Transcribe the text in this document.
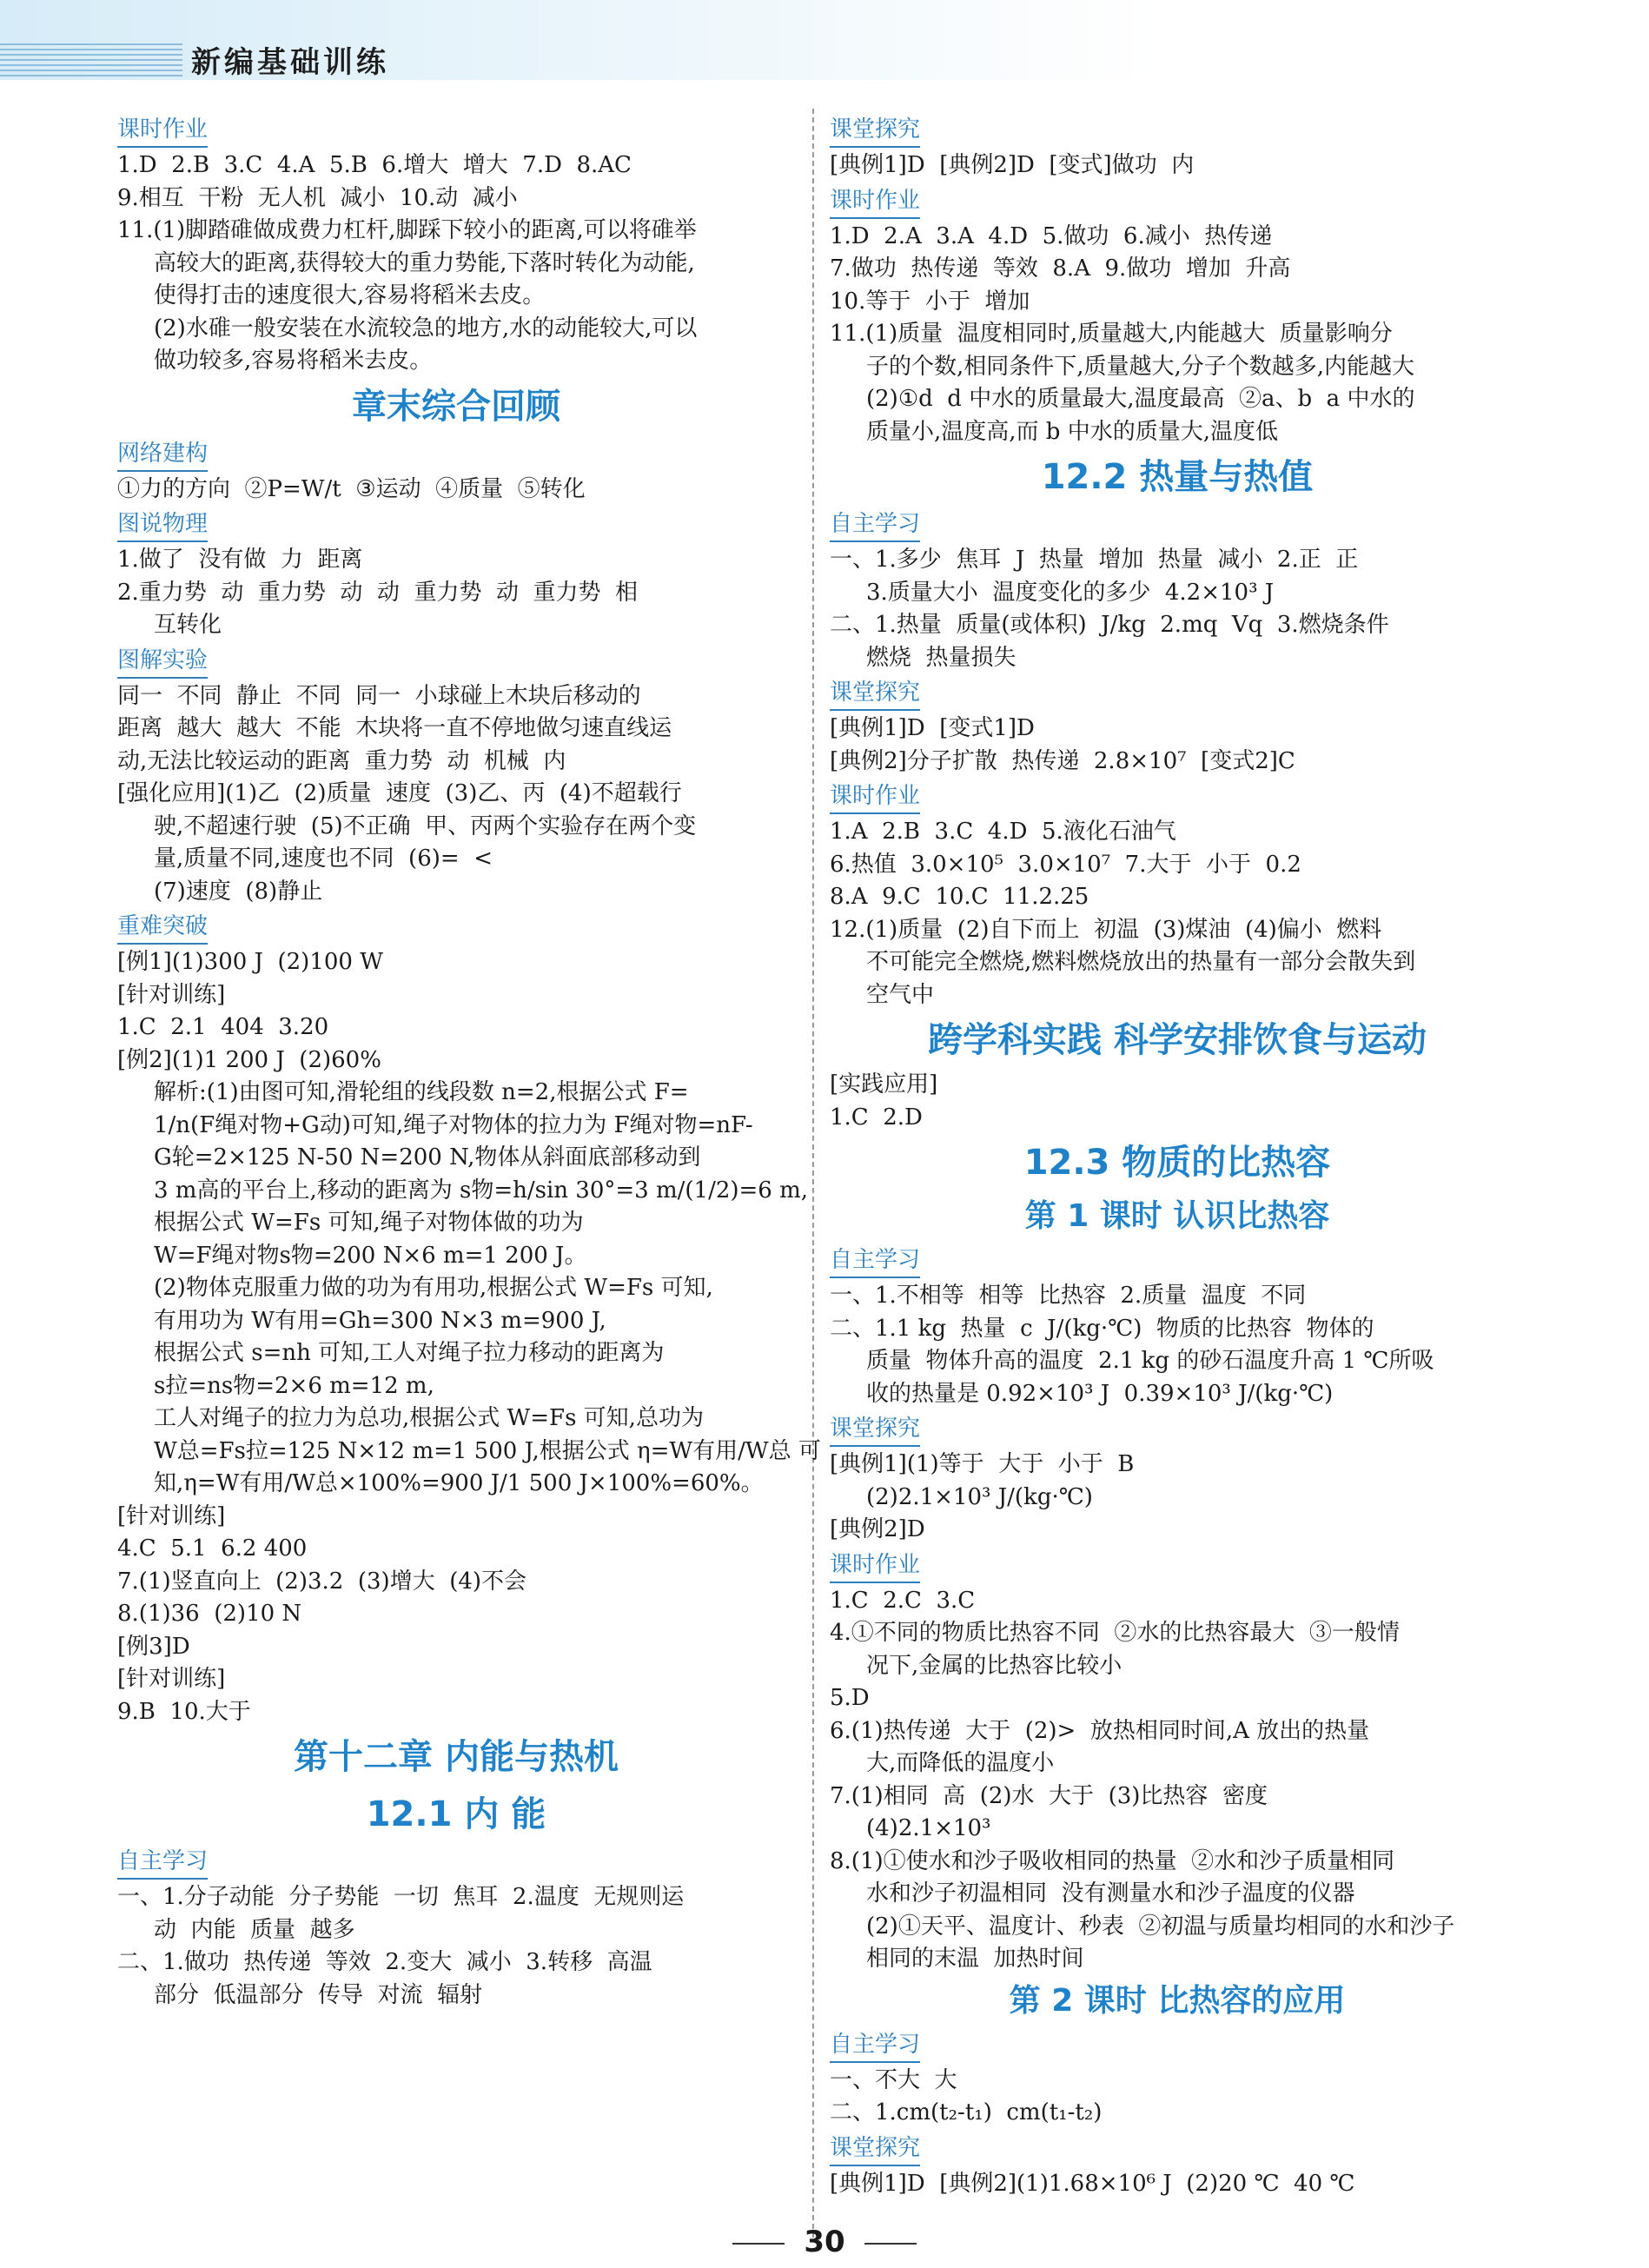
新编基础训练
课时作业
1.D  2.B  3.C  4.A  5.B  6.增大  增大  7.D  8.AC
9.相互  干粉  无人机  减小  10.动  减小
11.(1)脚踏碓做成费力杠杆,脚踩下较小的距离,可以将碓举
高较大的距离,获得较大的重力势能,下落时转化为动能,
使得打击的速度很大,容易将稻米去皮。
(2)水碓一般安装在水流较急的地方,水的动能较大,可以
做功较多,容易将稻米去皮。
章末综合回顾
网络建构
①力的方向  ②P=W/t  ③运动  ④质量  ⑤转化
图说物理
1.做了  没有做  力  距离
2.重力势  动  重力势  动  动  重力势  动  重力势  相
互转化
图解实验
同一  不同  静止  不同  同一  小球碰上木块后移动的
距离  越大  越大  不能  木块将一直不停地做匀速直线运
动,无法比较运动的距离  重力势  动  机械  内
[强化应用](1)乙  (2)质量  速度  (3)乙、丙  (4)不超载行
驶,不超速行驶  (5)不正确  甲、丙两个实验存在两个变
量,质量不同,速度也不同  (6)=  <
(7)速度  (8)静止
重难突破
[例1](1)300 J  (2)100 W
[针对训练]
1.C  2.1  404  3.20
[例2](1)1 200 J  (2)60%
解析:(1)由图可知,滑轮组的线段数 n=2,根据公式 F=
1/n(F绳对物+G动)可知,绳子对物体的拉力为 F绳对物=nF-
G轮=2×125 N-50 N=200 N,物体从斜面底部移动到
3 m高的平台上,移动的距离为 s物=h/sin 30°=3 m/(1/2)=6 m,
根据公式 W=Fs 可知,绳子对物体做的功为
W=F绳对物s物=200 N×6 m=1 200 J。
(2)物体克服重力做的功为有用功,根据公式 W=Fs 可知,
有用功为 W有用=Gh=300 N×3 m=900 J,
根据公式 s=nh 可知,工人对绳子拉力移动的距离为
s拉=ns物=2×6 m=12 m,
工人对绳子的拉力为总功,根据公式 W=Fs 可知,总功为
W总=Fs拉=125 N×12 m=1 500 J,根据公式 η=W有用/W总 可
知,η=W有用/W总×100%=900 J/1 500 J×100%=60%。
[针对训练]
4.C  5.1  6.2 400
7.(1)竖直向上  (2)3.2  (3)增大  (4)不会
8.(1)36  (2)10 N
[例3]D
[针对训练]
9.B  10.大于
第十二章 内能与热机
12.1 内 能
自主学习
一、1.分子动能  分子势能  一切  焦耳  2.温度  无规则运
动  内能  质量  越多
二、1.做功  热传递  等效  2.变大  减小  3.转移  高温
部分  低温部分  传导  对流  辐射
课堂探究
[典例1]D  [典例2]D  [变式]做功  内
课时作业
1.D  2.A  3.A  4.D  5.做功  6.减小  热传递
7.做功  热传递  等效  8.A  9.做功  增加  升高
10.等于  小于  增加
11.(1)质量  温度相同时,质量越大,内能越大  质量影响分
子的个数,相同条件下,质量越大,分子个数越多,内能越大
(2)①d  d 中水的质量最大,温度最高  ②a、b  a 中水的
质量小,温度高,而 b 中水的质量大,温度低
12.2 热量与热值
自主学习
一、1.多少  焦耳  J  热量  增加  热量  减小  2.正  正
3.质量大小  温度变化的多少  4.2×10³ J
二、1.热量  质量(或体积)  J/kg  2.mq  Vq  3.燃烧条件
燃烧  热量损失
课堂探究
[典例1]D  [变式1]D
[典例2]分子扩散  热传递  2.8×10⁷  [变式2]C
课时作业
1.A  2.B  3.C  4.D  5.液化石油气
6.热值  3.0×10⁵  3.0×10⁷  7.大于  小于  0.2
8.A  9.C  10.C  11.2.25
12.(1)质量  (2)自下而上  初温  (3)煤油  (4)偏小  燃料
不可能完全燃烧,燃料燃烧放出的热量有一部分会散失到
空气中
跨学科实践 科学安排饮食与运动
[实践应用]
1.C  2.D
12.3 物质的比热容
第 1 课时 认识比热容
自主学习
一、1.不相等  相等  比热容  2.质量  温度  不同
二、1.1 kg  热量  c  J/(kg·℃)  物质的比热容  物体的
质量  物体升高的温度  2.1 kg 的砂石温度升高 1 ℃所吸
收的热量是 0.92×10³ J  0.39×10³ J/(kg·℃)
课堂探究
[典例1](1)等于  大于  小于  B
(2)2.1×10³ J/(kg·℃)
[典例2]D
课时作业
1.C  2.C  3.C
4.①不同的物质比热容不同  ②水的比热容最大  ③一般情
况下,金属的比热容比较小
5.D
6.(1)热传递  大于  (2)>  放热相同时间,A 放出的热量
大,而降低的温度小
7.(1)相同  高  (2)水  大于  (3)比热容  密度
(4)2.1×10³
8.(1)①使水和沙子吸收相同的热量  ②水和沙子质量相同
水和沙子初温相同  没有测量水和沙子温度的仪器
(2)①天平、温度计、秒表  ②初温与质量均相同的水和沙子
相同的末温  加热时间
第 2 课时 比热容的应用
自主学习
一、不大  大
二、1.cm(t₂-t₁)  cm(t₁-t₂)
课堂探究
[典例1]D  [典例2](1)1.68×10⁶ J  (2)20 ℃  40 ℃
30
